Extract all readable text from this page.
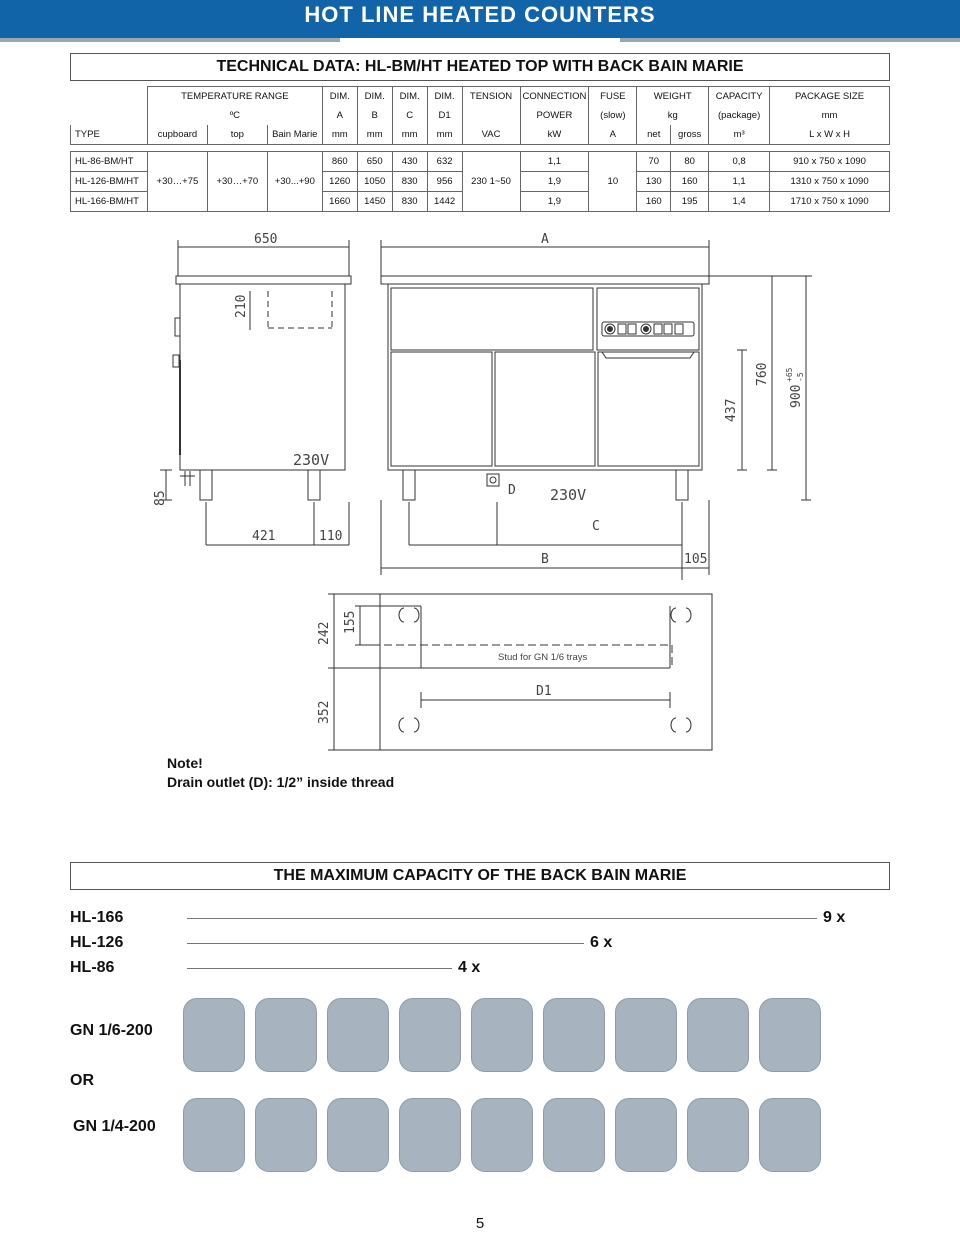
HOT LINE HEATED COUNTERS
TECHNICAL DATA: HL-BM/HT HEATED TOP WITH BACK BAIN MARIE
	TEMPERATURE RANGE			DIM.	DIM.	DIM.	DIM.	TENSION	CONNECTION	FUSE	WEIGHT		CAPACITY	PACKAGE SIZE
	ºC			A	B	C	D1		POWER	(slow)	kg		(package)	mm
TYPE	cupboard	top	Bain Marie	mm	mm	mm	mm	VAC	kW	A	net	gross	m³	L x W x H

HL-86-BM/HT	+30…+75	+30…+70	+30...+90	860	650	430	632	230 1~50	1,1	10	70	80	0,8	910 x 750 x 1090
HL-126-BM/HT				1260	1050	830	956		1,9		130	160	1,1	1310 x 750 x 1090
HL-166-BM/HT				1660	1450	830	1442		1,9		160	195	1,4	1710 x 750 x 1090
650	A
210
230V
D 230V
85
421	110
C
B	105
437
760
900
+65 -5
242 155
352
D1
Stud for GN 1/6 trays
Note!
Drain outlet (D): 1/2” inside thread
THE MAXIMUM CAPACITY OF THE BACK BAIN MARIE
HL-166	9 x
HL-126	6 x
HL-86	4 x
GN 1/6-200
OR
GN 1/4-200
5
